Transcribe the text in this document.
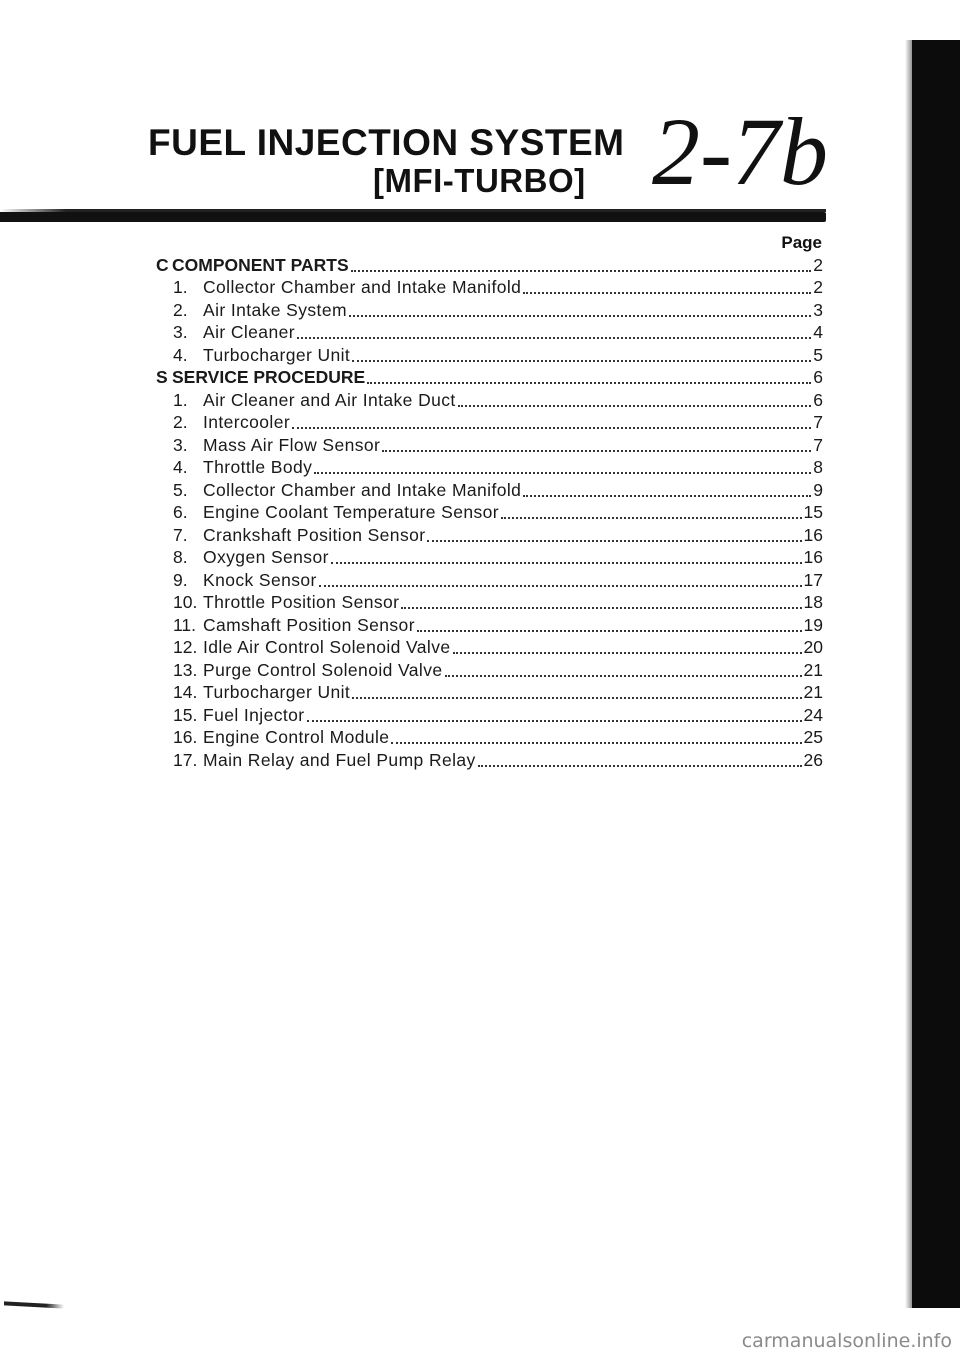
FUEL INJECTION SYSTEM
[MFI-TURBO] 2-7b
Page
C COMPONENT PARTS	2
1. Collector Chamber and Intake Manifold	2
2. Air Intake System	3
3. Air Cleaner	4
4. Turbocharger Unit	5
S SERVICE PROCEDURE	6
1. Air Cleaner and Air Intake Duct	6
2. Intercooler	7
3. Mass Air Flow Sensor	7
4. Throttle Body	8
5. Collector Chamber and Intake Manifold	9
6. Engine Coolant Temperature Sensor	15
7. Crankshaft Position Sensor	16
8. Oxygen Sensor	16
9. Knock Sensor	17
10. Throttle Position Sensor	18
11. Camshaft Position Sensor	19
12. Idle Air Control Solenoid Valve	20
13. Purge Control Solenoid Valve	21
14. Turbocharger Unit	21
15. Fuel Injector	24
16. Engine Control Module	25
17. Main Relay and Fuel Pump Relay	26
carmanualsonline.info
